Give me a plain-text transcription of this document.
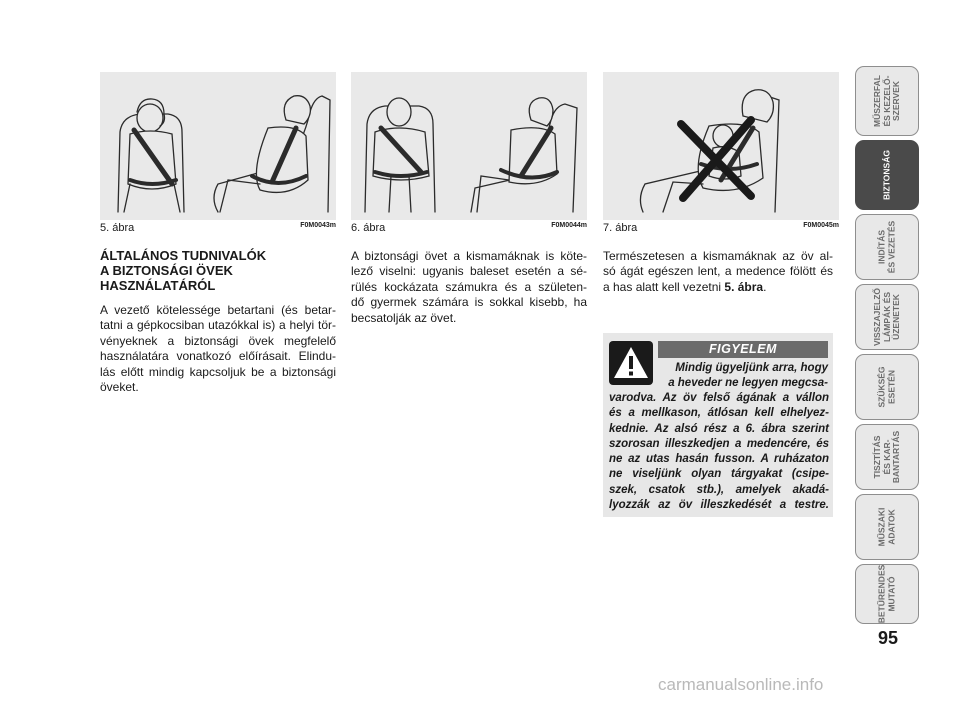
5. ábra	F0M0043m 6. ábra	F0M0044m 7. ábra	F0M0045m
ÁLTALÁNOS TUDNIVALÓK
A BIZTONSÁGI ÖVEK
HASZNÁLATÁRÓL
A vezető kötelessége betartani (és betar-
tatni a gépkocsiban utazókkal is) a helyi tör-
vényeknek a biztonsági övek megfelelő
használatára vonatkozó előírásait. Elindu-
lás előtt mindig kapcsoljuk be a biztonsági
öveket.
A biztonsági övet a kismamáknak is köte-
lező viselni: ugyanis baleset esetén a sé-
rülés kockázata számukra és a születen-
dő gyermek számára is sokkal kisebb, ha
becsatolják az övet.
Természetesen a kismamáknak az öv al-
só ágát egészen lent, a medence fölött és
a has alatt kell vezetni 5. ábra.
FIGYELEM
Mindig ügyeljünk arra, hogy
a heveder ne legyen megcsa-
varodva. Az öv felső ágának a vállon
és a mellkason, átlósan kell elhelyez-
kednie. Az alsó rész a 6. ábra szerint
szorosan illeszkedjen a medencére, és
ne az utas hasán fusson. A ruházaton
ne viseljünk olyan tárgyakat (csipe-
szek, csatok stb.), amelyek akadá-
lyozzák az öv illeszkedését a testre.
MŰSZERFAL
ÉS KEZELŐ-
SZERVEK
BIZTONSÁG
INDÍTÁS
ÉS VEZETÉS
VISSZAJELZŐ
LÁMPÁK ÉS
ÜZENETEK
SZÜKSÉG
ESETÉN
TISZTÍTÁS
ÉS KAR-
BANTARTÁS
MŰSZAKI
ADATOK
BETŰRENDES
MUTATÓ
95
carmanualsonline.info
